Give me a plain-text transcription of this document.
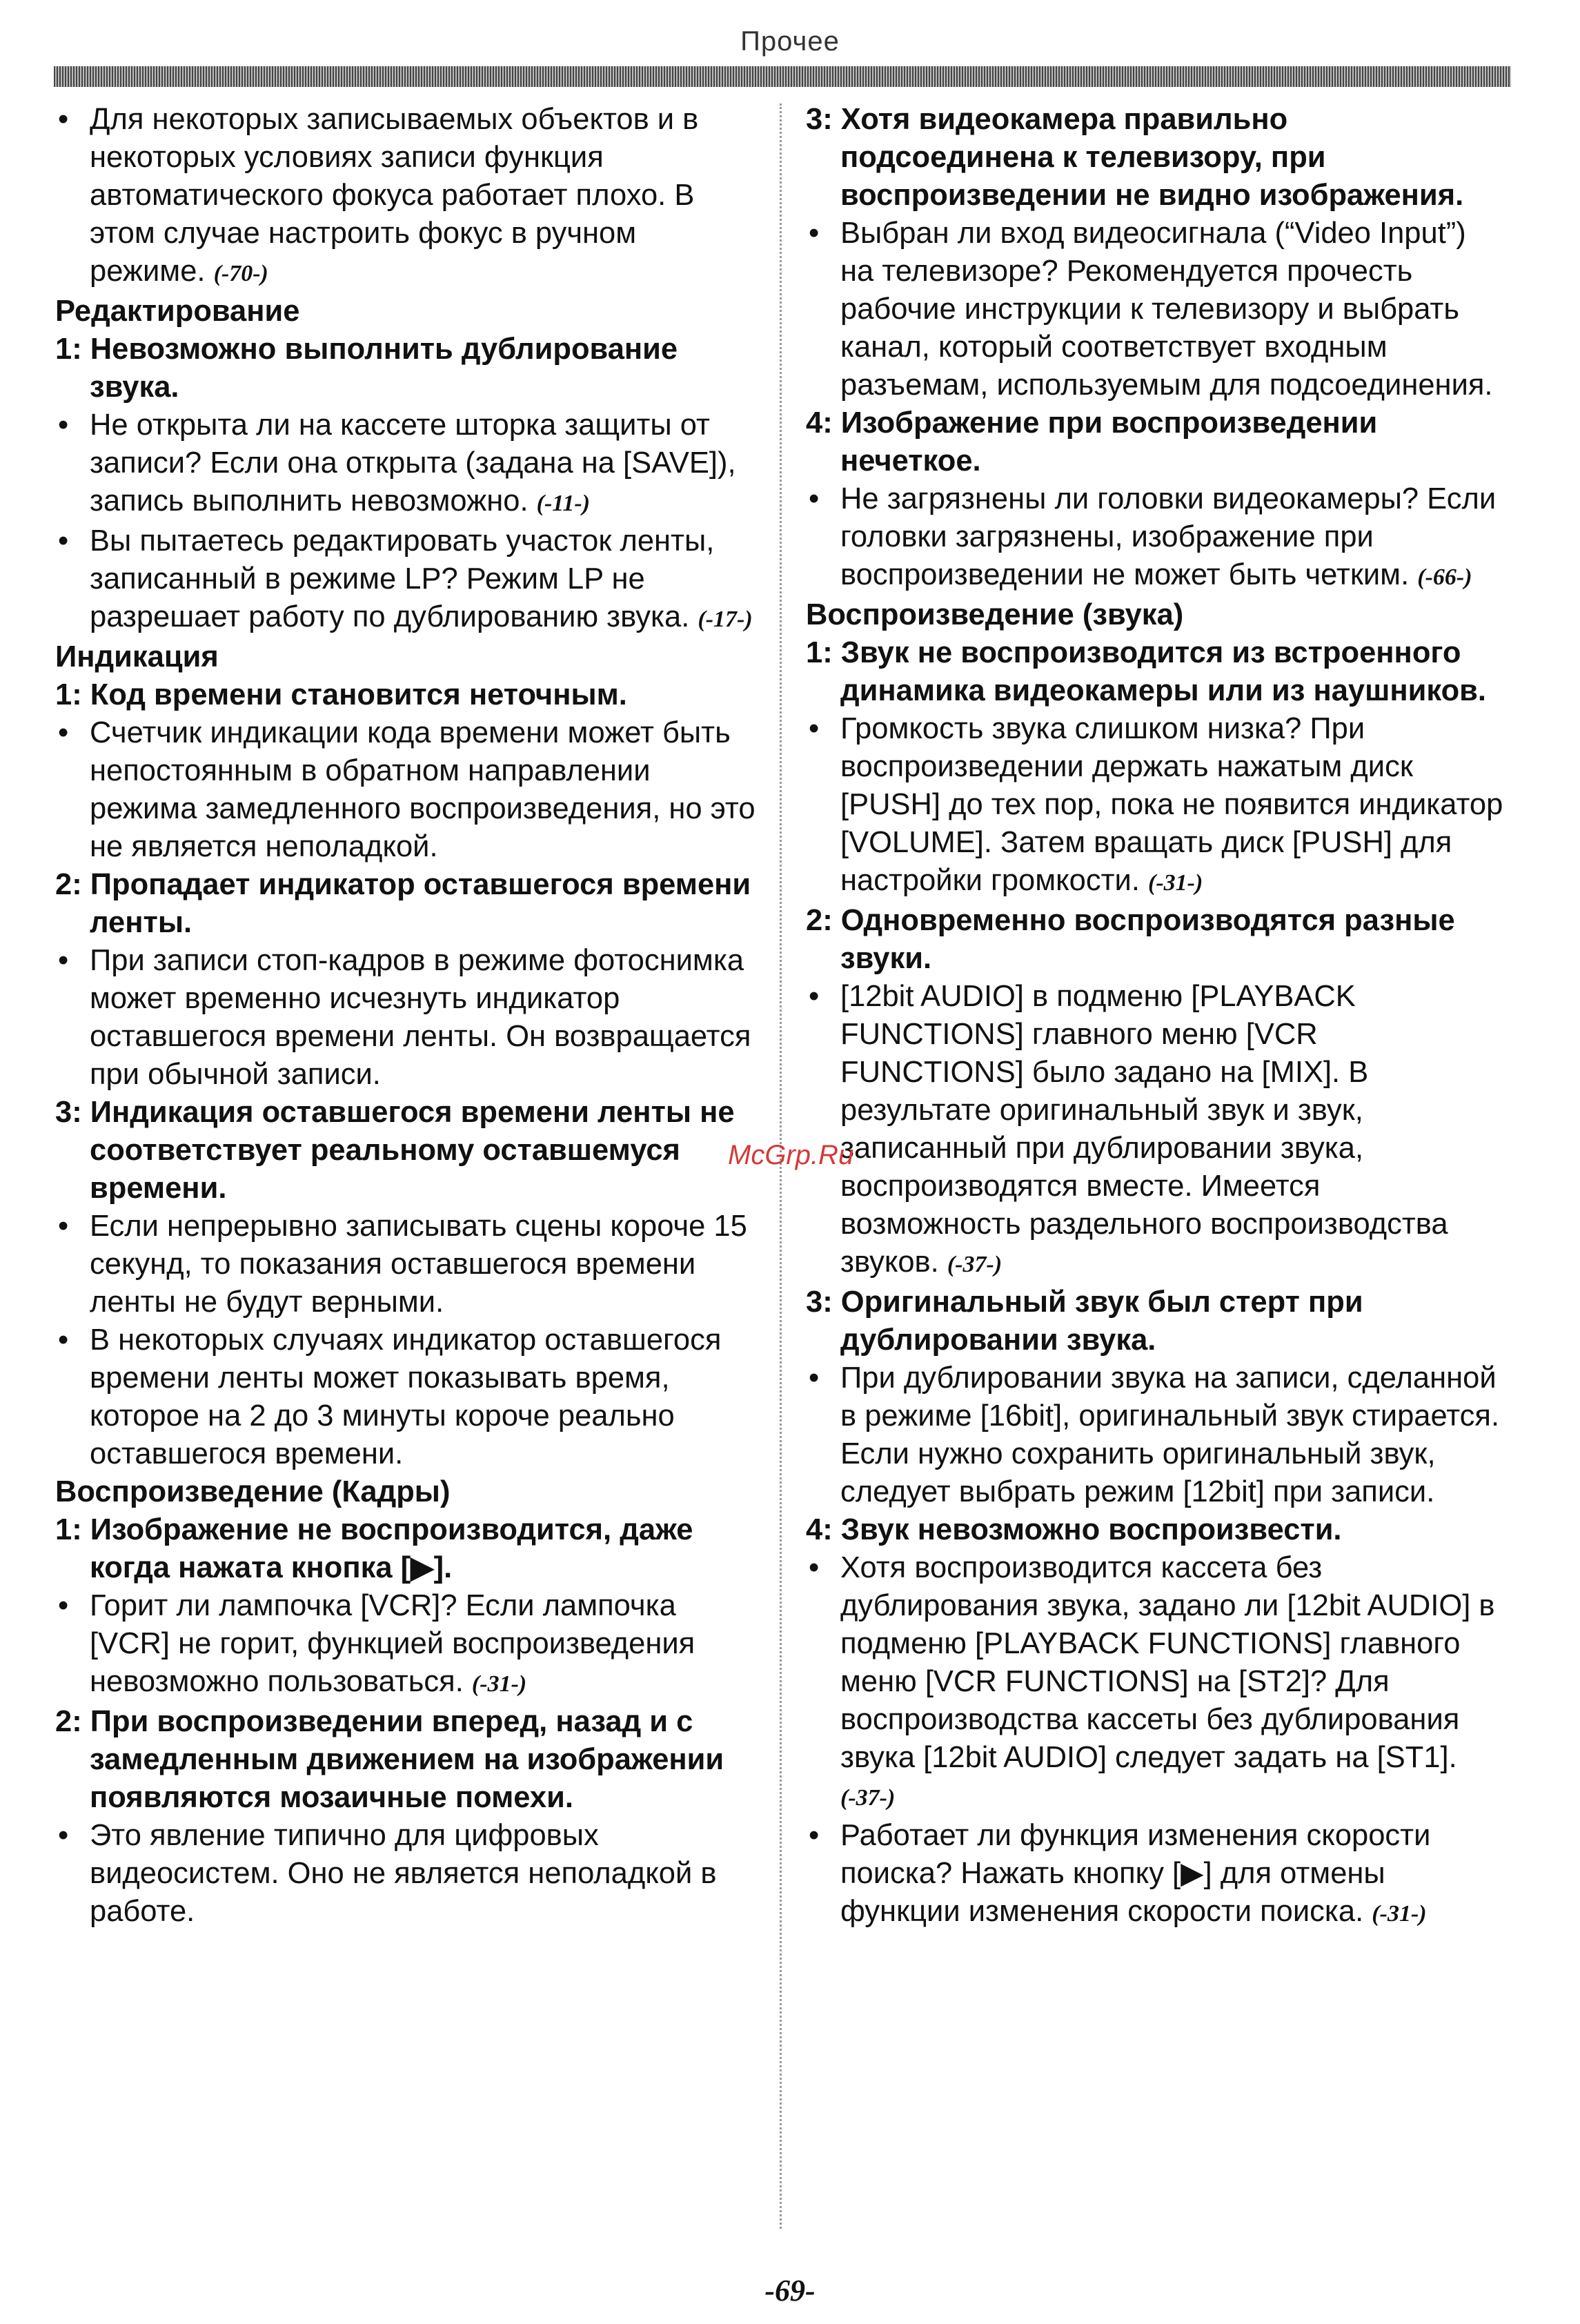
Прочее
• Для некоторых записываемых объектов и в некоторых условиях записи функция автоматического фокуса работает плохо. В этом случае настроить фокус в ручном режиме. (-70-)
Редактирование
1: Невозможно выполнить дублирование звука.
• Не открыта ли на кассете шторка защиты от записи? Если она открыта (задана на [SAVE]), запись выполнить невозможно. (-11-)
• Вы пытаетесь редактировать участок ленты, записанный в режиме LP? Режим LP не разрешает работу по дублированию звука. (-17-)
Индикация
1: Код времени становится неточным.
• Счетчик индикации кода времени может быть непостоянным в обратном направлении режима замедленного воспроизведения, но это не является неполадкой.
2: Пропадает индикатор оставшегося времени ленты.
• При записи стоп-кадров в режиме фотоснимка может временно исчезнуть индикатор оставшегося времени ленты. Он возвращается при обычной записи.
3: Индикация оставшегося времени ленты не соответствует реальному оставшемуся времени.
• Если непрерывно записывать сцены короче 15 секунд, то показания оставшегося времени ленты не будут верными.
• В некоторых случаях индикатор оставшегося времени ленты может показывать время, которое на 2 до 3 минуты короче реально оставшегося времени.
Воспроизведение (Кадры)
1: Изображение не воспроизводится, даже когда нажата кнопка [▶].
• Горит ли лампочка [VCR]? Если лампочка [VCR] не горит, функцией воспроизведения невозможно пользоваться. (-31-)
2: При воспроизведении вперед, назад и с замедленным движением на изображении появляются мозаичные помехи.
• Это явление типично для цифровых видеосистем. Оно не является неполадкой в работе.
3: Хотя видеокамера правильно подсоединена к телевизору, при воспроизведении не видно изображения.
• Выбран ли вход видеосигнала (“Video Input”) на телевизоре? Рекомендуется прочесть рабочие инструкции к телевизору и выбрать канал, который соответствует входным разъемам, используемым для подсоединения.
4: Изображение при воспроизведении нечеткое.
• Не загрязнены ли головки видеокамеры? Если головки загрязнены, изображение при воспроизведении не может быть четким. (-66-)
Воспроизведение (звука)
1: Звук не воспроизводится из встроенного динамика видеокамеры или из наушников.
• Громкость звука слишком низка? При воспроизведении держать нажатым диск [PUSH] до тех пор, пока не появится индикатор [VOLUME]. Затем вращать диск [PUSH] для настройки громкости. (-31-)
2: Одновременно воспроизводятся разные звуки.
• [12bit AUDIO] в подменю [PLAYBACK FUNCTIONS] главного меню [VCR FUNCTIONS] было задано на [MIX]. В результате оригинальный звук и звук, записанный при дублировании звука, воспроизводятся вместе. Имеется возможность раздельного воспроизводства звуков. (-37-)
3: Оригинальный звук был стерт при дублировании звука.
• При дублировании звука на записи, сделанной в режиме [16bit], оригинальный звук стирается. Если нужно сохранить оригинальный звук, следует выбрать режим [12bit] при записи.
4: Звук невозможно воспроизвести.
• Хотя воспроизводится кассета без дублирования звука, задано ли [12bit AUDIO] в подменю [PLAYBACK FUNCTIONS] главного меню [VCR FUNCTIONS] на [ST2]? Для воспроизводства кассеты без дублирования звука [12bit AUDIO] следует задать на [ST1]. (-37-)
• Работает ли функция изменения скорости поиска? Нажать кнопку [▶] для отмены функции изменения скорости поиска. (-31-)
McGrp.Ru
-69-
